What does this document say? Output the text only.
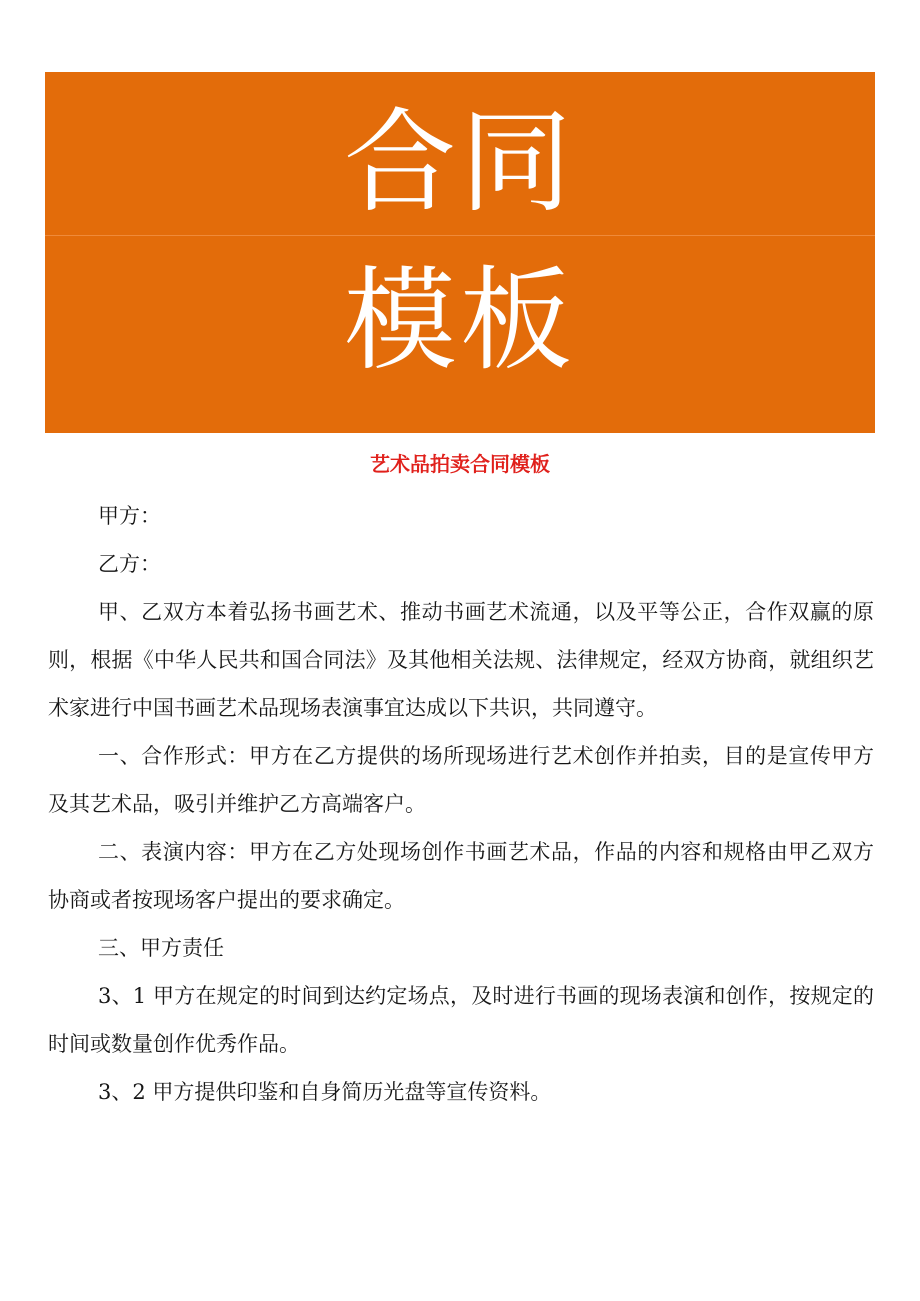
合同
模板
艺术品拍卖合同模板

甲方：

乙方：

甲、乙双方本着弘扬书画艺术、推动书画艺术流通，以及平等公正，合作双赢的原则，根据《中华人民共和国合同法》及其他相关法规、法律规定，经双方协商，就组织艺术家进行中国书画艺术品现场表演事宜达成以下共识，共同遵守。

一、合作形式：甲方在乙方提供的场所现场进行艺术创作并拍卖，目的是宣传甲方及其艺术品，吸引并维护乙方高端客户。

二、表演内容：甲方在乙方处现场创作书画艺术品，作品的内容和规格由甲乙双方协商或者按现场客户提出的要求确定。

三、甲方责任

3、1 甲方在规定的时间到达约定场点，及时进行书画的现场表演和创作，按规定的时间或数量创作优秀作品。

3、2 甲方提供印鉴和自身简历光盘等宣传资料。
